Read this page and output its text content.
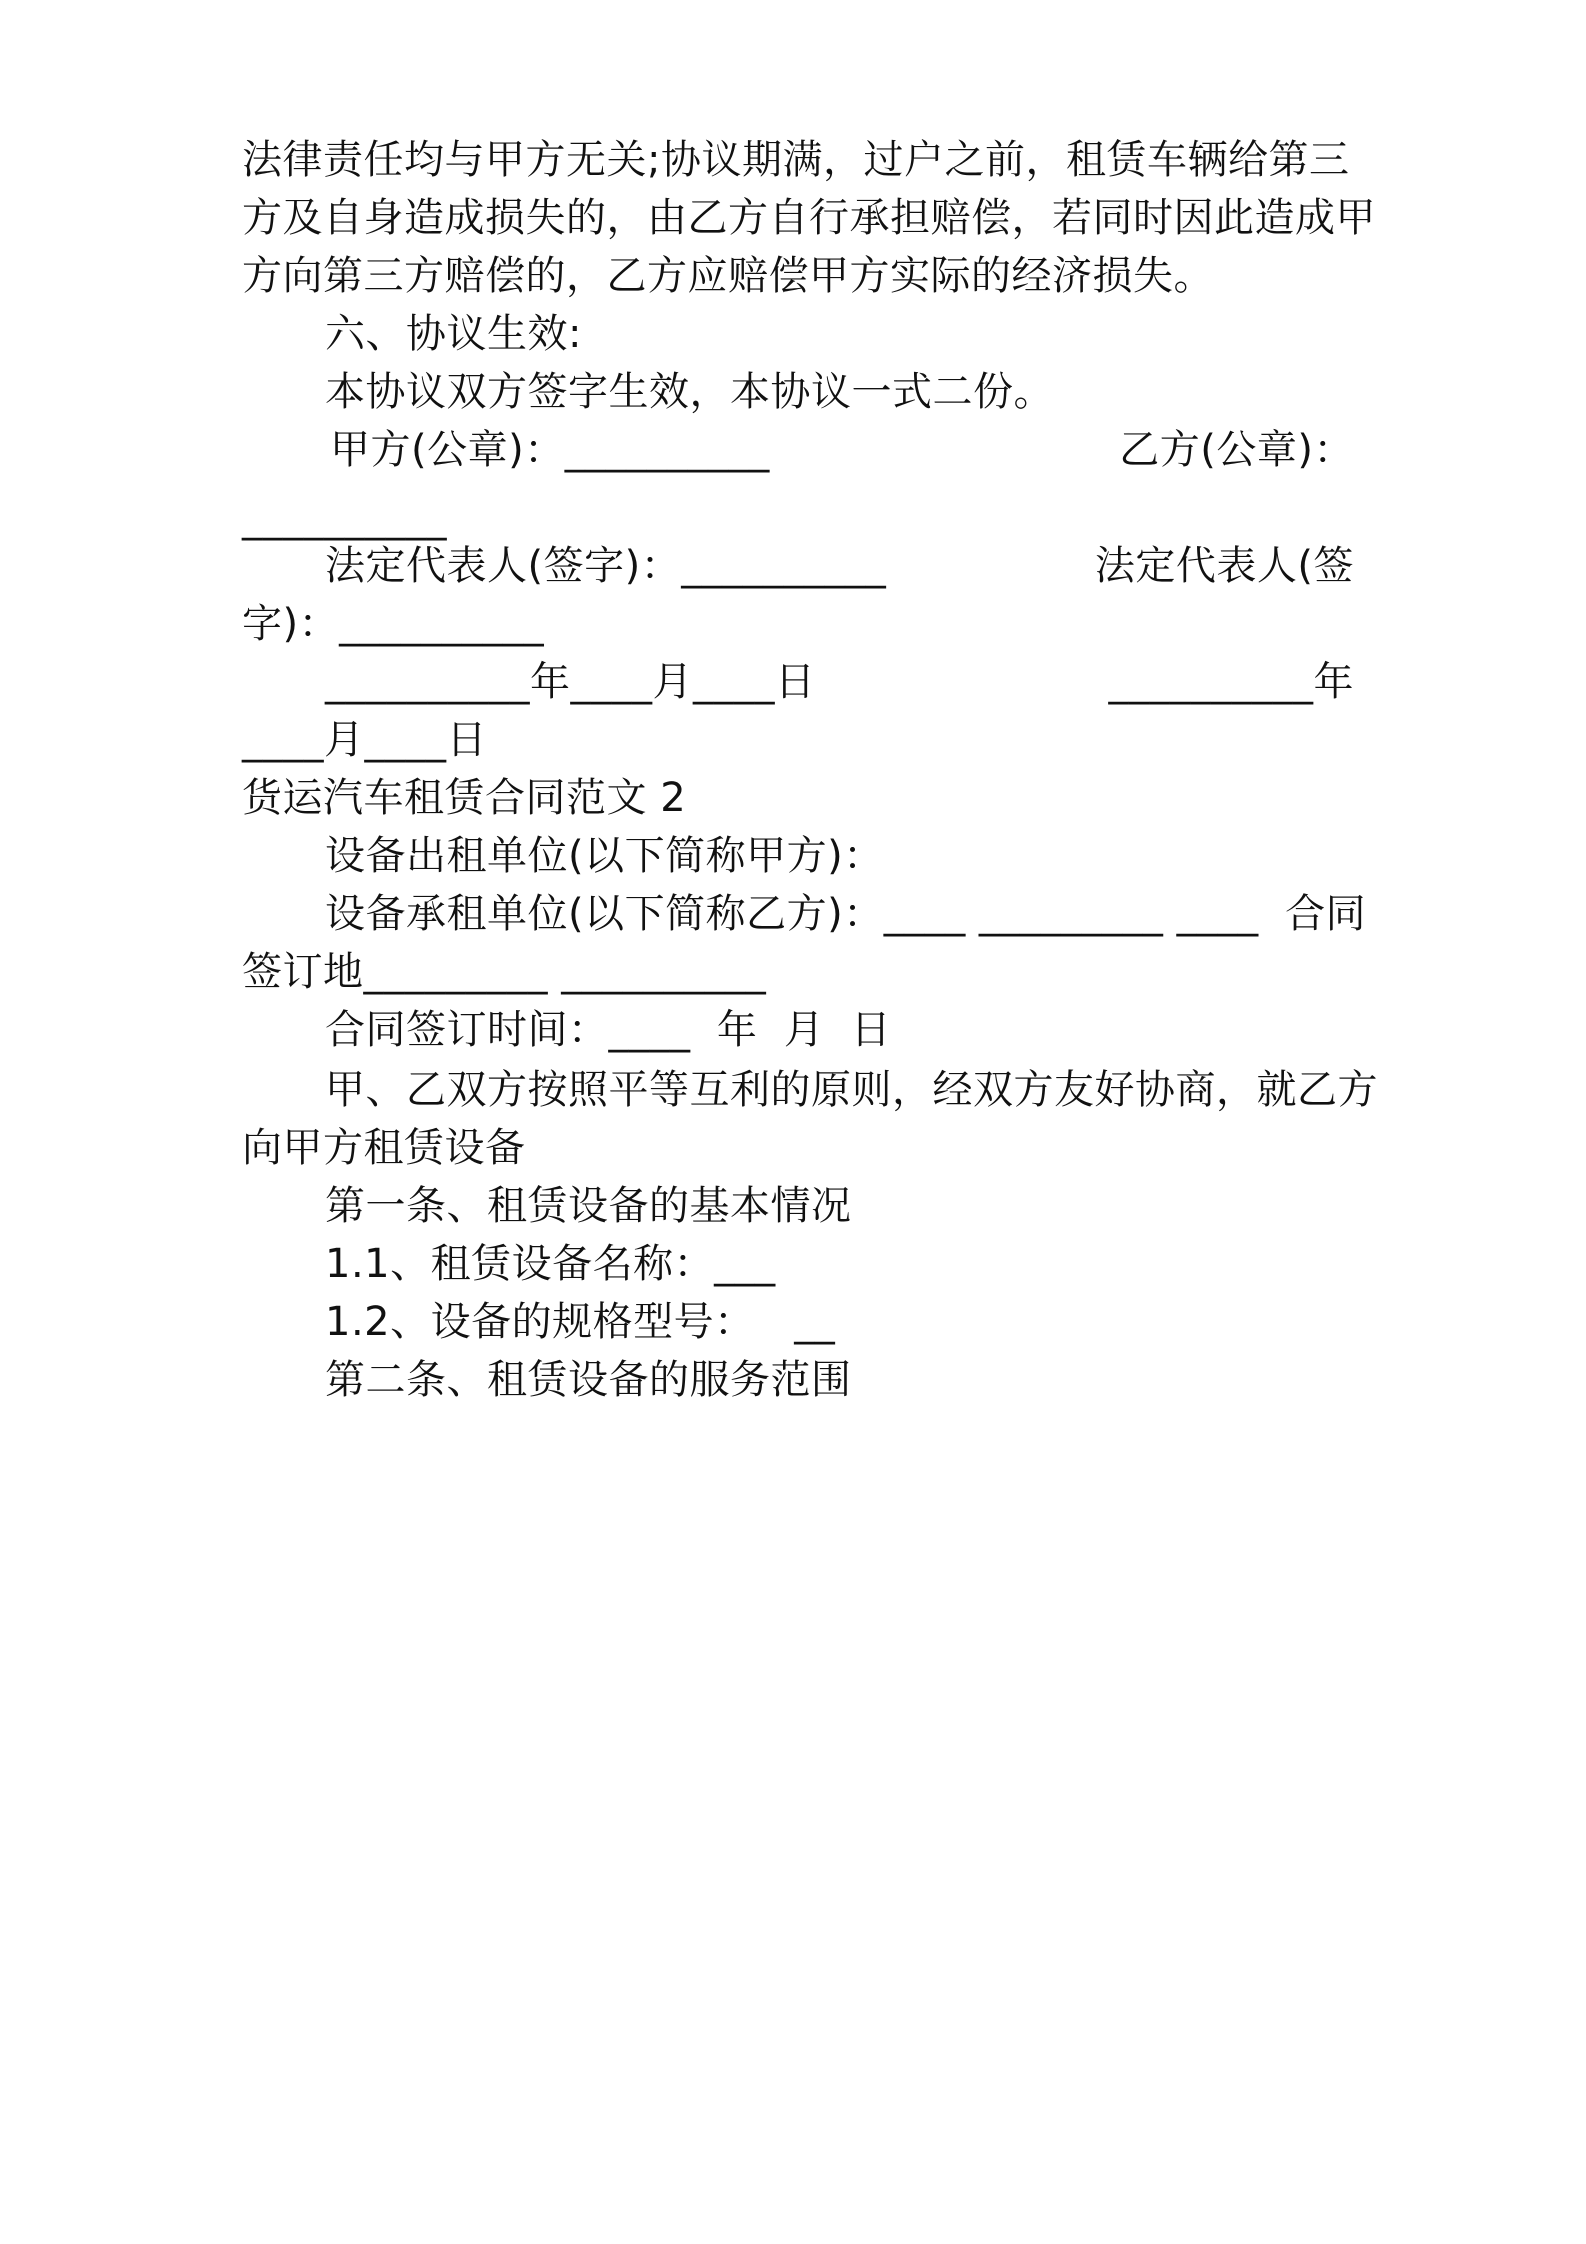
法律责任均与甲方无关;协议期满，过户之前，租赁车辆给第三
方及自身造成损失的，由乙方自行承担赔偿，若同时因此造成甲
方向第三方赔偿的，乙方应赔偿甲方实际的经济损失。
六、协议生效:
本协议双方签字生效，本协议一式二份。
甲方(公章)：__________	乙方(公章)：
__________
法定代表人(签字)：__________	法定代表人(签
字)：__________
__________年____月____日	__________年
____月____日
货运汽车租赁合同范文 2
设备出租单位(以下简称甲方)：
设备承租单位(以下简称乙方)：____ _________ ____  合同
签订地_________ __________
合同签订时间：____  年  月  日
甲、乙双方按照平等互利的原则，经双方友好协商，就乙方
向甲方租赁设备
第一条、租赁设备的基本情况
1.1、租赁设备名称：___
1.2、设备的规格型号：   __
第二条、租赁设备的服务范围
